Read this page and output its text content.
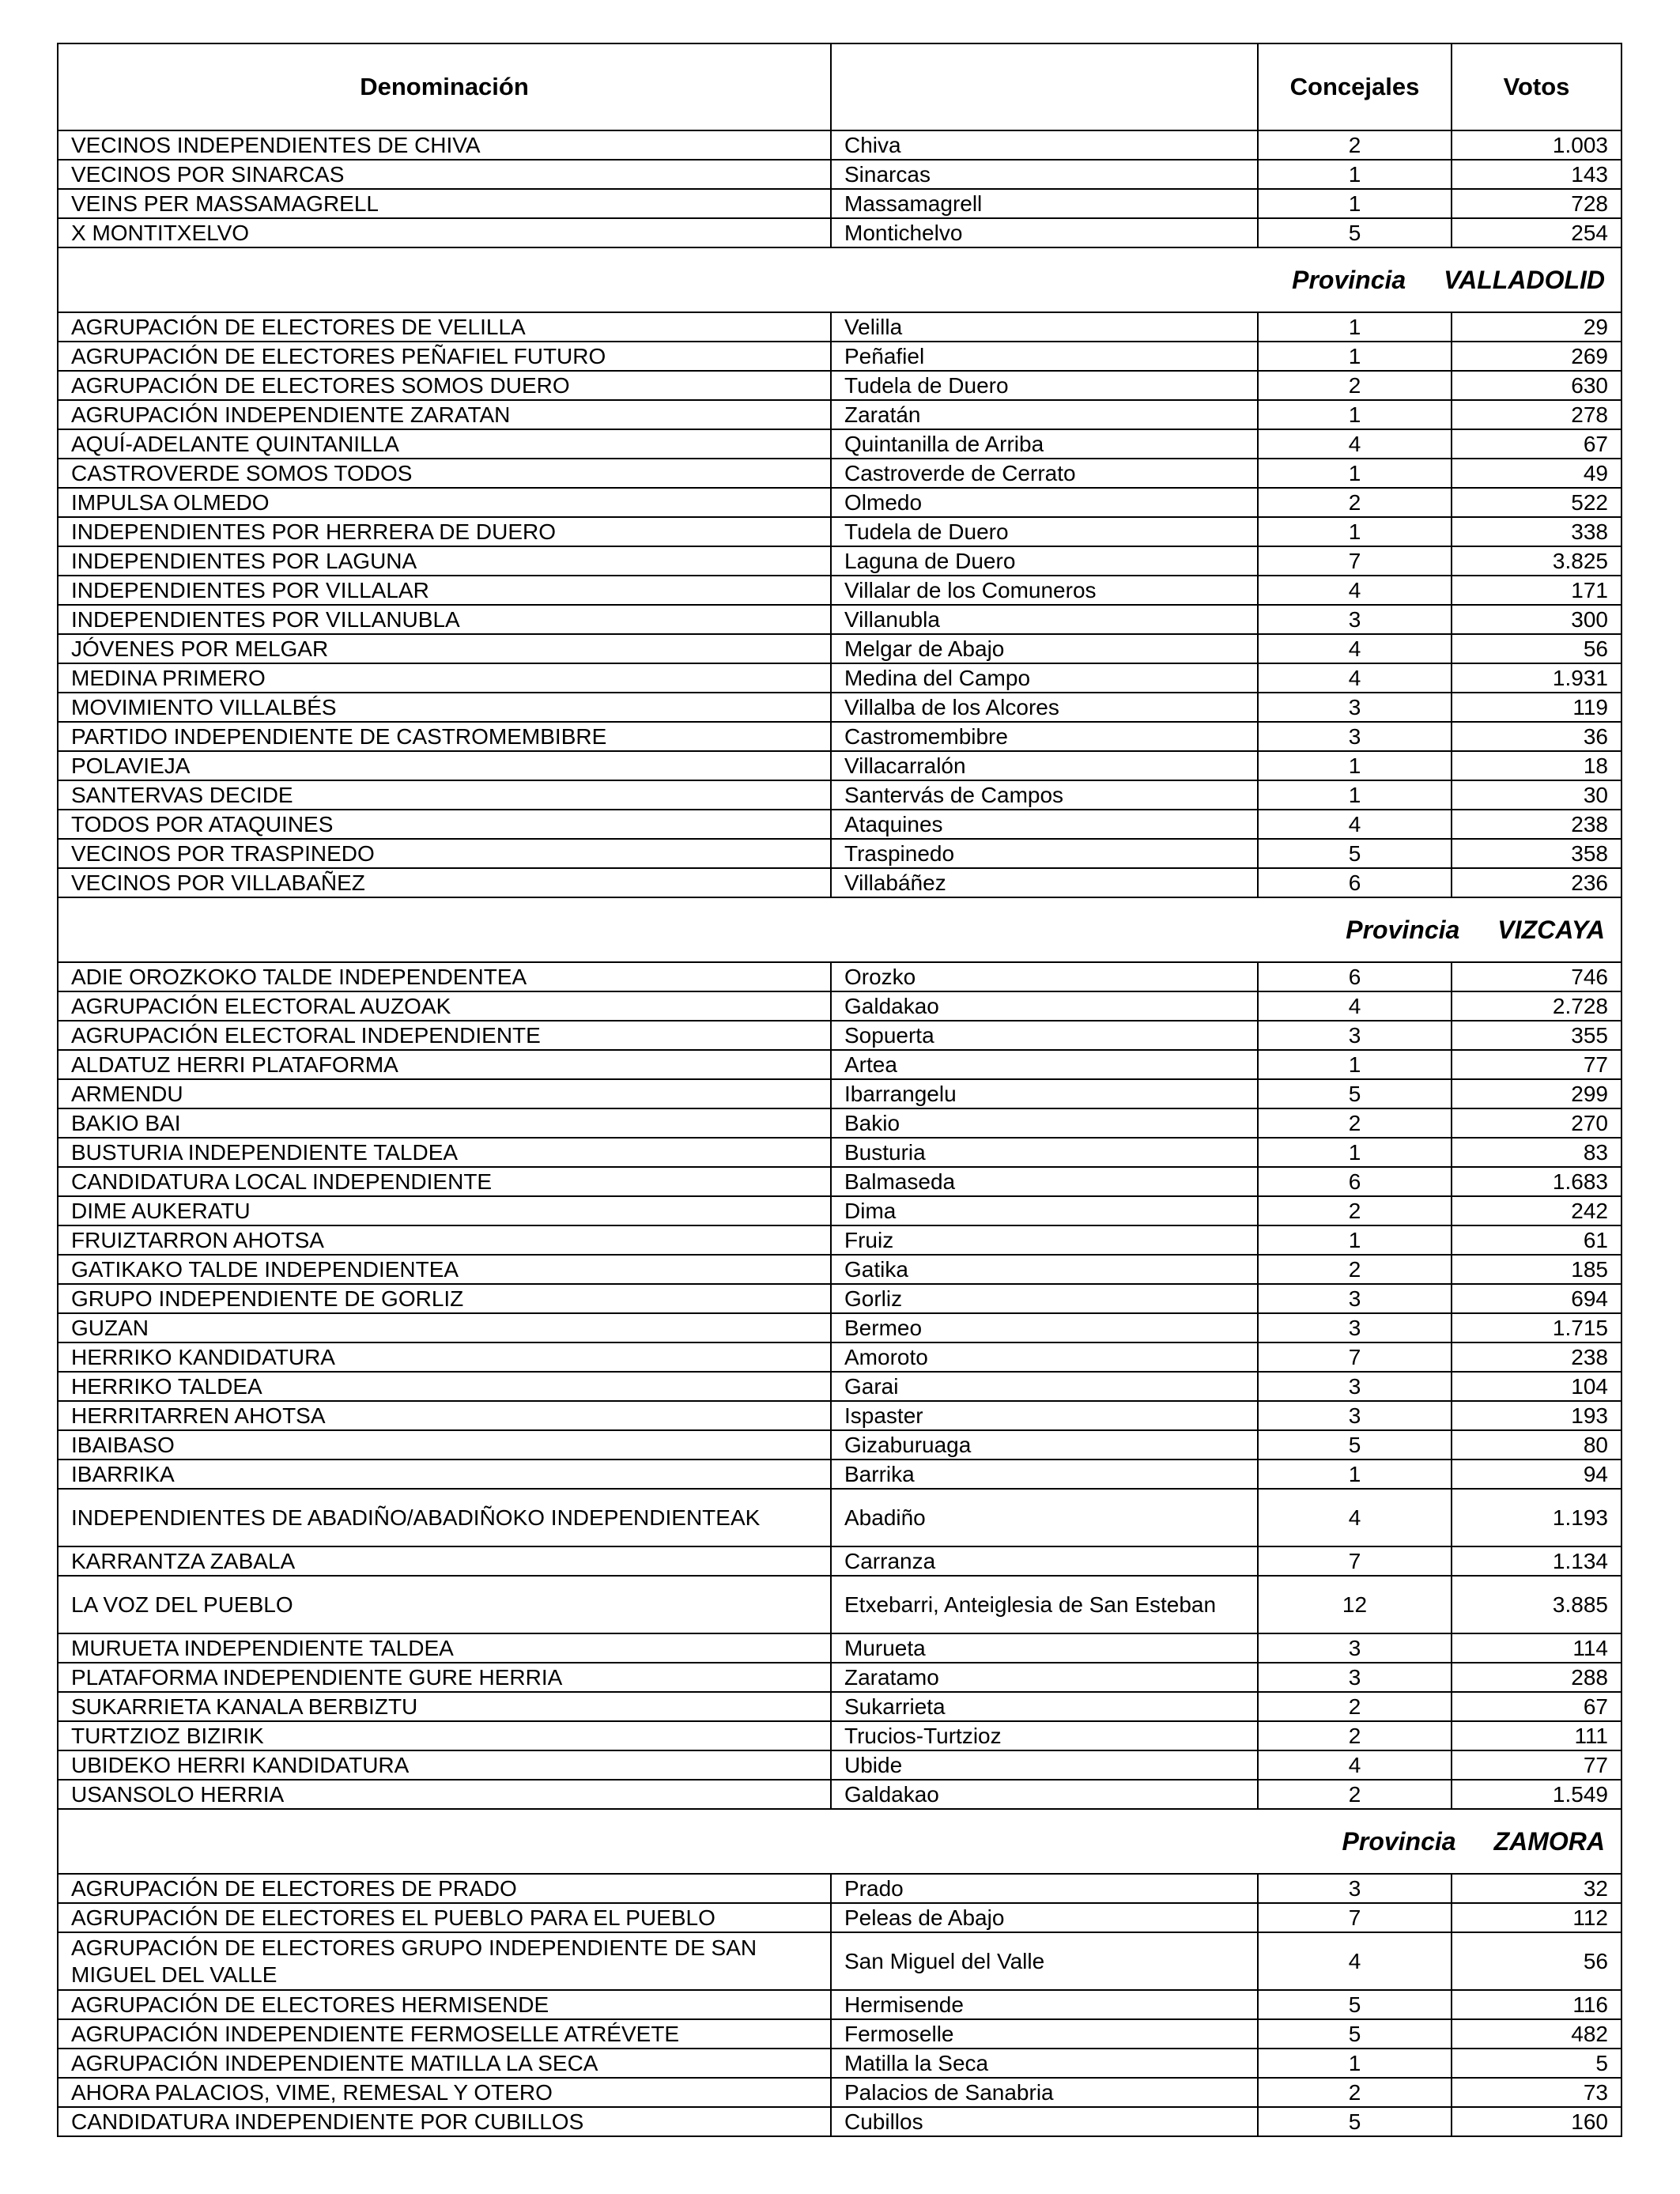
Denominación		Concejales	Votos
VECINOS INDEPENDIENTES DE CHIVA	Chiva	2	1.003
VECINOS POR SINARCAS	Sinarcas	1	143
VEINS PER MASSAMAGRELL	Massamagrell	1	728
X MONTITXELVO	Montichelvo	5	254
Provincia VALLADOLID			
AGRUPACIÓN DE ELECTORES DE VELILLA	Velilla	1	29
AGRUPACIÓN DE ELECTORES PEÑAFIEL FUTURO	Peñafiel	1	269
AGRUPACIÓN DE ELECTORES SOMOS DUERO	Tudela de Duero	2	630
AGRUPACIÓN INDEPENDIENTE ZARATAN	Zaratán	1	278
AQUÍ-ADELANTE QUINTANILLA	Quintanilla de Arriba	4	67
CASTROVERDE SOMOS TODOS	Castroverde de Cerrato	1	49
IMPULSA OLMEDO	Olmedo	2	522
INDEPENDIENTES POR HERRERA DE DUERO	Tudela de Duero	1	338
INDEPENDIENTES POR LAGUNA	Laguna de Duero	7	3.825
INDEPENDIENTES POR VILLALAR	Villalar de los Comuneros	4	171
INDEPENDIENTES POR VILLANUBLA	Villanubla	3	300
JÓVENES POR MELGAR	Melgar de Abajo	4	56
MEDINA PRIMERO	Medina del Campo	4	1.931
MOVIMIENTO VILLALBÉS	Villalba de los Alcores	3	119
PARTIDO INDEPENDIENTE DE CASTROMEMBIBRE	Castromembibre	3	36
POLAVIEJA	Villacarralón	1	18
SANTERVAS DECIDE	Santervás de Campos	1	30
TODOS POR ATAQUINES	Ataquines	4	238
VECINOS POR TRASPINEDO	Traspinedo	5	358
VECINOS POR VILLABAÑEZ	Villabáñez	6	236
Provincia VIZCAYA			
ADIE OROZKOKO TALDE INDEPENDENTEA	Orozko	6	746
AGRUPACIÓN ELECTORAL AUZOAK	Galdakao	4	2.728
AGRUPACIÓN ELECTORAL INDEPENDIENTE	Sopuerta	3	355
ALDATUZ HERRI PLATAFORMA	Artea	1	77
ARMENDU	Ibarrangelu	5	299
BAKIO BAI	Bakio	2	270
BUSTURIA INDEPENDIENTE TALDEA	Busturia	1	83
CANDIDATURA LOCAL INDEPENDIENTE	Balmaseda	6	1.683
DIME AUKERATU	Dima	2	242
FRUIZTARRON AHOTSA	Fruiz	1	61
GATIKAKO TALDE INDEPENDIENTEA	Gatika	2	185
GRUPO INDEPENDIENTE DE GORLIZ	Gorliz	3	694
GUZAN	Bermeo	3	1.715
HERRIKO KANDIDATURA	Amoroto	7	238
HERRIKO TALDEA	Garai	3	104
HERRITARREN AHOTSA	Ispaster	3	193
IBAIBASO	Gizaburuaga	5	80
IBARRIKA	Barrika	1	94
INDEPENDIENTES DE ABADIÑO/ABADIÑOKO INDEPENDIENTEAK	Abadiño	4	1.193
KARRANTZA ZABALA	Carranza	7	1.134
LA VOZ DEL PUEBLO	Etxebarri, Anteiglesia de San Esteban	12	3.885
MURUETA INDEPENDIENTE TALDEA	Murueta	3	114
PLATAFORMA INDEPENDIENTE GURE HERRIA	Zaratamo	3	288
SUKARRIETA KANALA BERBIZTU	Sukarrieta	2	67
TURTZIOZ BIZIRIK	Trucios-Turtzioz	2	111
UBIDEKO HERRI KANDIDATURA	Ubide	4	77
USANSOLO HERRIA	Galdakao	2	1.549
Provincia ZAMORA			
AGRUPACIÓN DE ELECTORES DE PRADO	Prado	3	32
AGRUPACIÓN DE ELECTORES EL PUEBLO PARA EL PUEBLO	Peleas de Abajo	7	112
AGRUPACIÓN DE ELECTORES GRUPO INDEPENDIENTE DE SAN MIGUEL DEL VALLE	San Miguel del Valle	4	56
AGRUPACIÓN DE ELECTORES HERMISENDE	Hermisende	5	116
AGRUPACIÓN INDEPENDIENTE FERMOSELLE ATRÉVETE	Fermoselle	5	482
AGRUPACIÓN INDEPENDIENTE MATILLA LA SECA	Matilla la Seca	1	5
AHORA PALACIOS, VIME, REMESAL Y OTERO	Palacios de Sanabria	2	73
CANDIDATURA INDEPENDIENTE POR CUBILLOS	Cubillos	5	160
